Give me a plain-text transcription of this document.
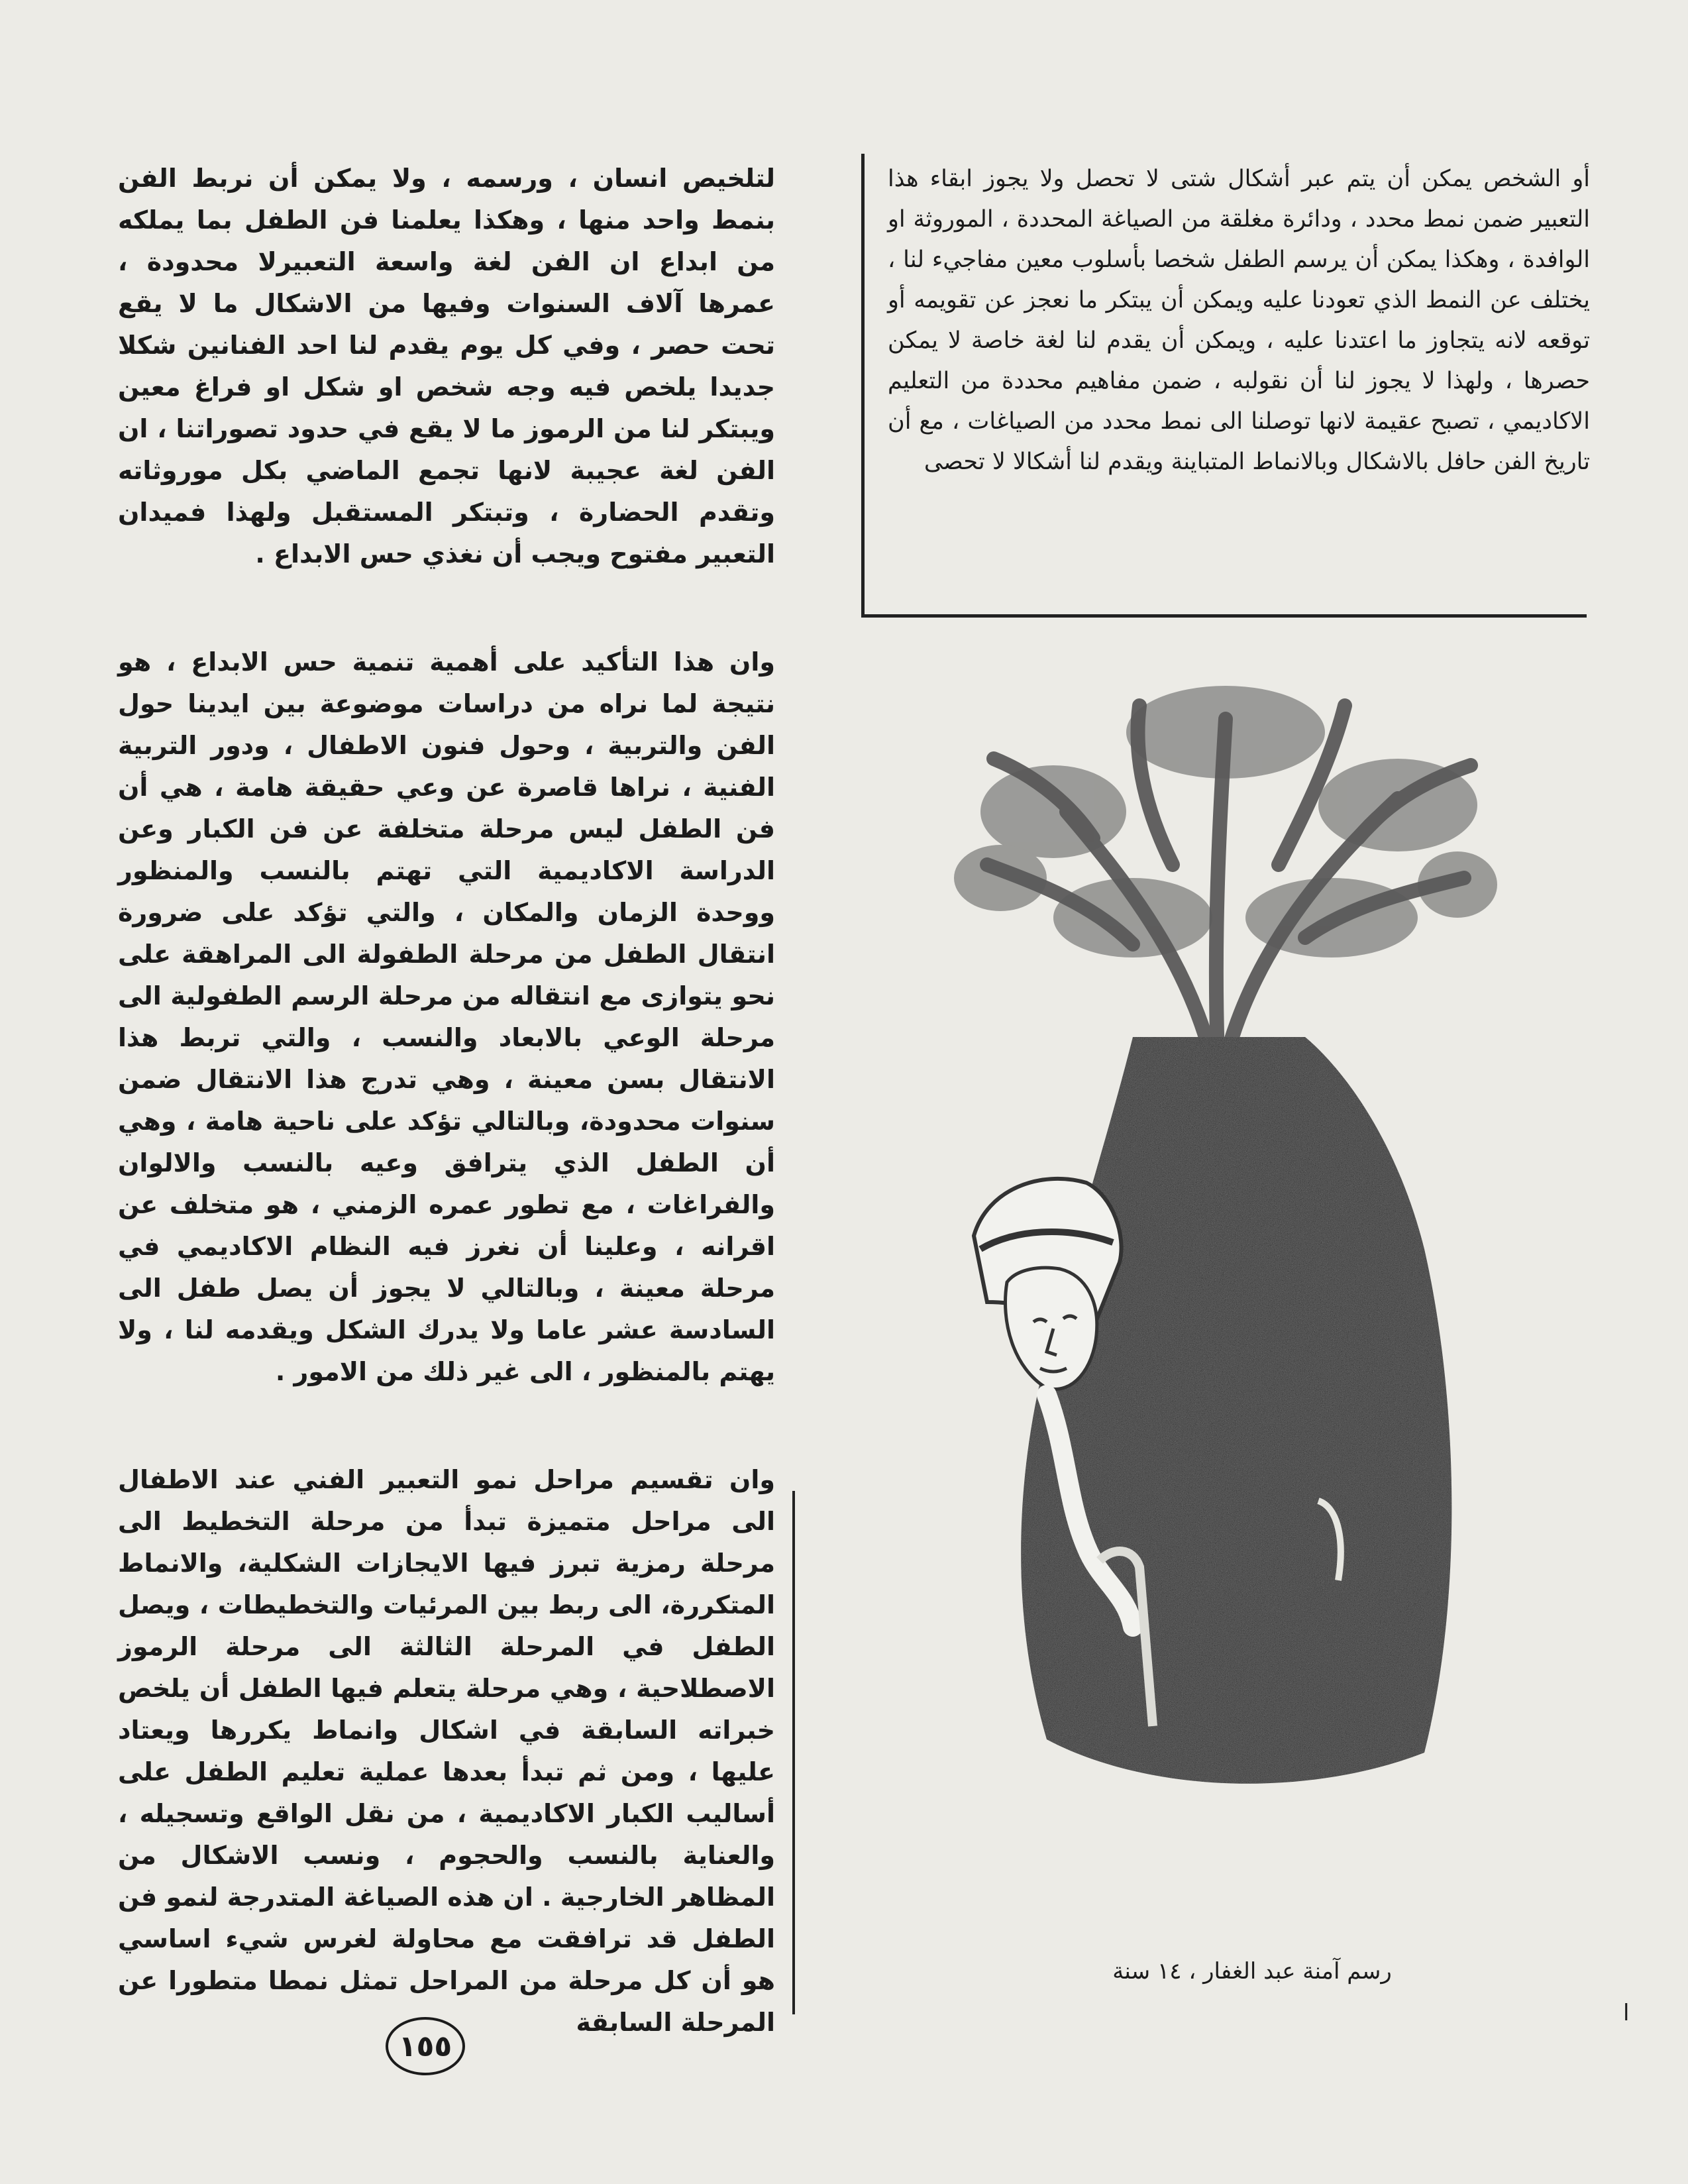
لتلخيص انسان ، ورسمه ، ولا يمكن أن نربط الفن بنمط واحد منها ، وهكذا يعلمنا فن الطفل بما يملكه من ابداع ان الفن لغة واسعة التعبيرلا محدودة ، عمرها آلاف السنوات وفيها من الاشكال ما لا يقع تحت حصر ، وفي كل يوم يقدم لنا احد الفنانين شكلا جديدا يلخص فيه وجه شخص او شكل او فراغ معين ويبتكر لنا من الرموز ما لا يقع في حدود تصوراتنا ، ان الفن لغة عجيبة لانها تجمع الماضي بكل موروثاته وتقدم الحضارة ، وتبتكر المستقبل ولهذا فميدان التعبير مفتوح ويجب أن نغذي حس الابداع .

وان هذا التأكيد على أهمية تنمية حس الابداع ، هو نتيجة لما نراه من دراسات موضوعة بين ايدينا حول الفن والتربية ، وحول فنون الاطفال ، ودور التربية الفنية ، نراها قاصرة عن وعي حقيقة هامة ، هي أن فن الطفل ليس مرحلة متخلفة عن فن الكبار وعن الدراسة الاكاديمية التي تهتم بالنسب والمنظور ووحدة الزمان والمكان ، والتي تؤكد على ضرورة انتقال الطفل من مرحلة الطفولة الى المراهقة على نحو يتوازى مع انتقاله من مرحلة الرسم الطفولية الى مرحلة الوعي بالابعاد والنسب ، والتي تربط هذا الانتقال بسن معينة ، وهي تدرج هذا الانتقال ضمن سنوات محدودة، وبالتالي تؤكد على ناحية هامة ، وهي أن الطفل الذي يترافق وعيه بالنسب والالوان والفراغات ، مع تطور عمره الزمني ، هو متخلف عن اقرانه ، وعلينا أن نغرز فيه النظام الاكاديمي في مرحلة معينة ، وبالتالي لا يجوز أن يصل طفل الى السادسة عشر عاما ولا يدرك الشكل ويقدمه لنا ، ولا يهتم بالمنظور ، الى غير ذلك من الامور .

وان تقسيم مراحل نمو التعبير الفني عند الاطفال الى مراحل متميزة تبدأ من مرحلة التخطيط الى مرحلة رمزية تبرز فيها الايجازات الشكلية، والانماط المتكررة، الى ربط بين المرئيات والتخطيطات ، ويصل الطفل في المرحلة الثالثة الى مرحلة الرموز الاصطلاحية ، وهي مرحلة يتعلم فيها الطفل أن يلخص خبراته السابقة في اشكال وانماط يكررها ويعتاد عليها ، ومن ثم تبدأ بعدها عملية تعليم الطفل على أساليب الكبار الاكاديمية ، من نقل الواقع وتسجيله ، والعناية بالنسب والحجوم ، ونسب الاشكال من المظاهر الخارجية . ان هذه الصياغة المتدرجة لنمو فن الطفل قد ترافقت مع محاولة لغرس شيء اساسي هو أن كل مرحلة من المراحل تمثل نمطا متطورا عن المرحلة السابقة

أو الشخص يمكن أن يتم عبر أشكال شتى لا تحصل ولا يجوز ابقاء هذا التعبير ضمن نمط محدد ، ودائرة مغلقة من الصياغة المحددة ، الموروثة او الوافدة ، وهكذا يمكن أن يرسم الطفل شخصا بأسلوب معين مفاجيء لنا ، يختلف عن النمط الذي تعودنا عليه ويمكن أن يبتكر ما نعجز عن تقويمه أو توقعه لانه يتجاوز ما اعتدنا عليه ، ويمكن أن يقدم لنا لغة خاصة لا يمكن حصرها ، ولهذا لا يجوز لنا أن نقولبه ، ضمن مفاهيم محددة من التعليم الاكاديمي ، تصبح عقيمة لانها توصلنا الى نمط محدد من الصياغات ، مع أن تاريخ الفن حافل بالاشكال وبالانماط المتباينة ويقدم لنا أشكالا لا تحصى
رسم آمنة عبد الغفار ، ١٤ سنة
ا
١٥٥
